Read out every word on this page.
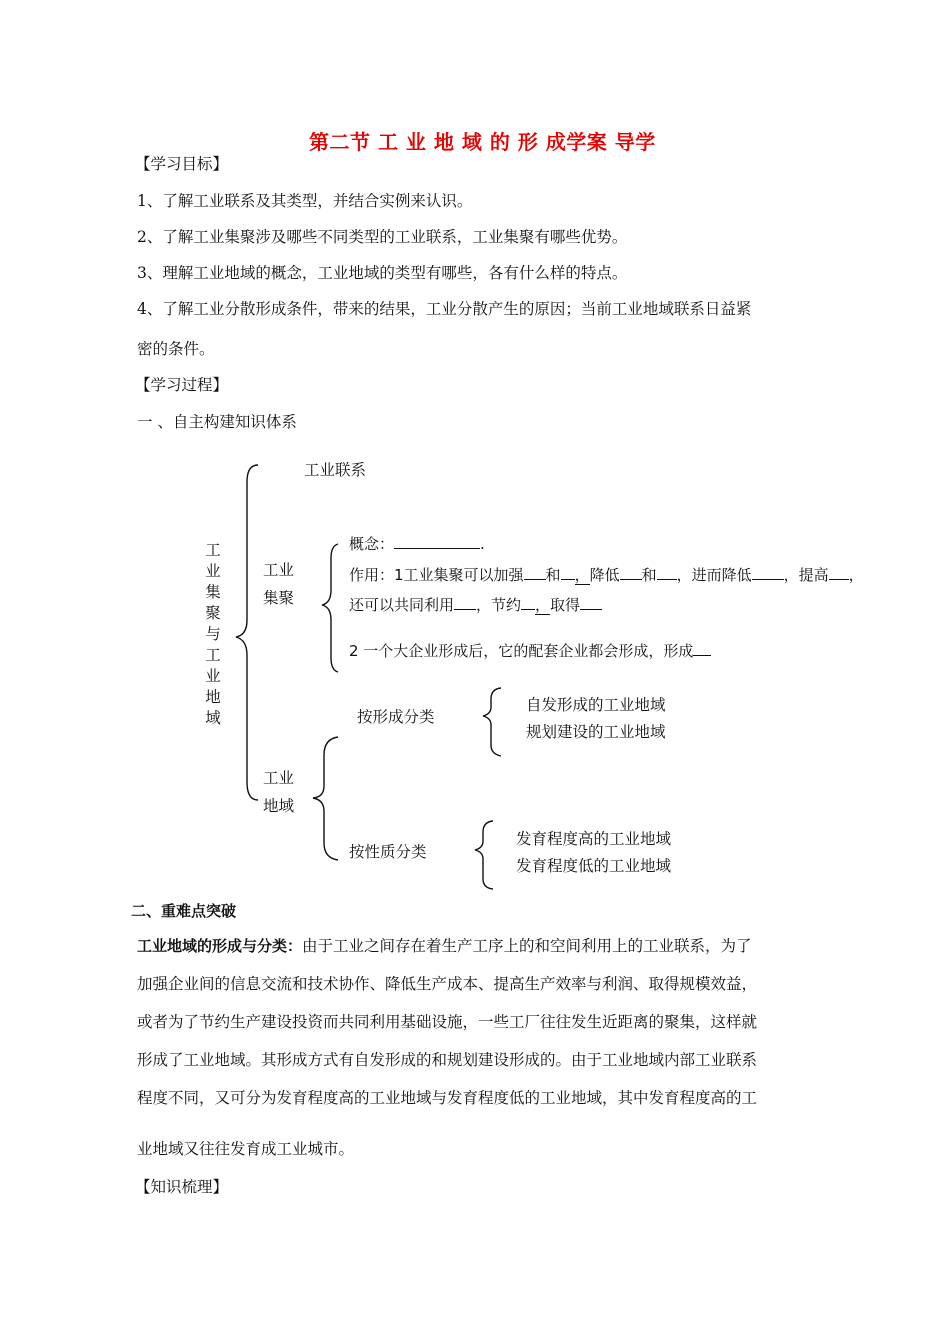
第二节 工 业 地 域 的 形 成学案 导学
【学习目标】
1、了解工业联系及其类型，并结合实例来认识。
2、了解工业集聚涉及哪些不同类型的工业联系，工业集聚有哪些优势。
3、理解工业地域的概念，工业地域的类型有哪些，各有什么样的特点。
4、了解工业分散形成条件，带来的结果，工业分散产生的原因；当前工业地域联系日益紧
密的条件。
【学习过程】
一 、自主构建知识体系
工业集聚与工业地域
工业联系
工业
集聚
概念：	.
作用：1工业集聚可以加强 和 ，降低 和 ，进而降低 ，提高 ，
还可以共同利用 ，节约 ，取得
2 一个大企业形成后，它的配套企业都会形成，形成
工业
地域
按形成分类
自发形成的工业地域
规划建设的工业地域
按性质分类
发育程度高的工业地域
发育程度低的工业地域
二、重难点突破
工业地域的形成与分类：由于工业之间存在着生产工序上的和空间利用上的工业联系，为了
加强企业间的信息交流和技术协作、降低生产成本、提高生产效率与利润、取得规模效益，
或者为了节约生产建设投资而共同利用基础设施，一些工厂往往发生近距离的聚集，这样就
形成了工业地域。其形成方式有自发形成的和规划建设形成的。由于工业地域内部工业联系
程度不同，又可分为发育程度高的工业地域与发育程度低的工业地域，其中发育程度高的工
业地域又往往发育成工业城市。
【知识梳理】
